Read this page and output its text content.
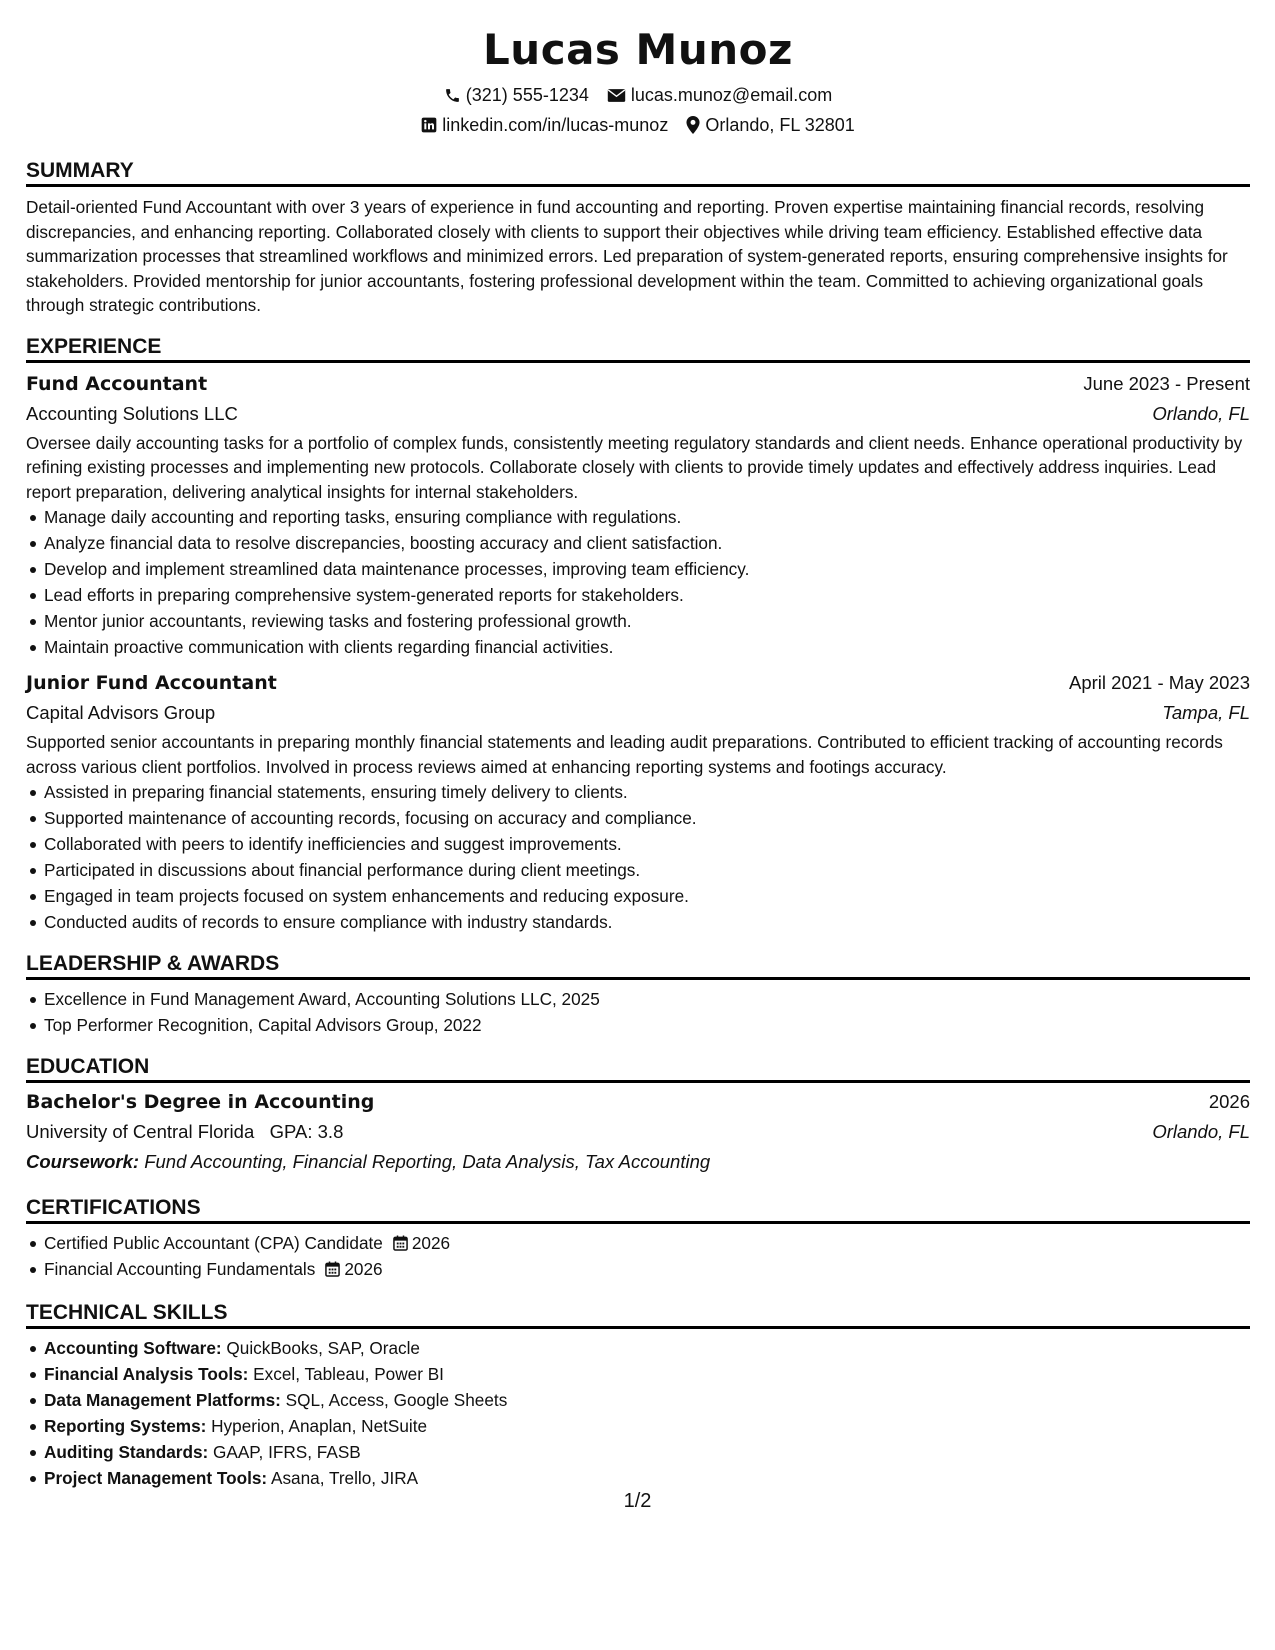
Lucas Munoz
(321) 555-1234 lucas.munoz@email.com
linkedin.com/in/lucas-munoz Orlando, FL 32801
SUMMARY

Detail-oriented Fund Accountant with over 3 years of experience in fund accounting and reporting. Proven expertise maintaining financial records, resolving discrepancies, and enhancing reporting. Collaborated closely with clients to support their objectives while driving team efficiency. Established effective data summarization processes that streamlined workflows and minimized errors. Led preparation of system-generated reports, ensuring comprehensive insights for stakeholders. Provided mentorship for junior accountants, fostering professional development within the team. Committed to achieving organizational goals through strategic contributions.

EXPERIENCE
Fund Accountant	June 2023 - Present
Accounting Solutions LLC	Orlando, FL

Oversee daily accounting tasks for a portfolio of complex funds, consistently meeting regulatory standards and client needs. Enhance operational productivity by refining existing processes and implementing new protocols. Collaborate closely with clients to provide timely updates and effectively address inquiries. Lead report preparation, delivering analytical insights for internal stakeholders.

Manage daily accounting and reporting tasks, ensuring compliance with regulations.
Analyze financial data to resolve discrepancies, boosting accuracy and client satisfaction.
Develop and implement streamlined data maintenance processes, improving team efficiency.
Lead efforts in preparing comprehensive system-generated reports for stakeholders.
Mentor junior accountants, reviewing tasks and fostering professional growth.
Maintain proactive communication with clients regarding financial activities.
Junior Fund Accountant	April 2021 - May 2023
Capital Advisors Group	Tampa, FL

Supported senior accountants in preparing monthly financial statements and leading audit preparations. Contributed to efficient tracking of accounting records across various client portfolios. Involved in process reviews aimed at enhancing reporting systems and footings accuracy.

Assisted in preparing financial statements, ensuring timely delivery to clients.
Supported maintenance of accounting records, focusing on accuracy and compliance.
Collaborated with peers to identify inefficiencies and suggest improvements.
Participated in discussions about financial performance during client meetings.
Engaged in team projects focused on system enhancements and reducing exposure.
Conducted audits of records to ensure compliance with industry standards.
LEADERSHIP & AWARDS
Excellence in Fund Management Award, Accounting Solutions LLC, 2025
Top Performer Recognition, Capital Advisors Group, 2022
EDUCATION
Bachelor's Degree in Accounting	2026
University of Central Florida GPA: 3.8	Orlando, FL
Coursework: Fund Accounting, Financial Reporting, Data Analysis, Tax Accounting
CERTIFICATIONS
Certified Public Accountant (CPA) Candidate 2026
Financial Accounting Fundamentals 2026
TECHNICAL SKILLS
Accounting Software: QuickBooks, SAP, Oracle
Financial Analysis Tools: Excel, Tableau, Power BI
Data Management Platforms: SQL, Access, Google Sheets
Reporting Systems: Hyperion, Anaplan, NetSuite
Auditing Standards: GAAP, IFRS, FASB
Project Management Tools: Asana, Trello, JIRA
1/2
